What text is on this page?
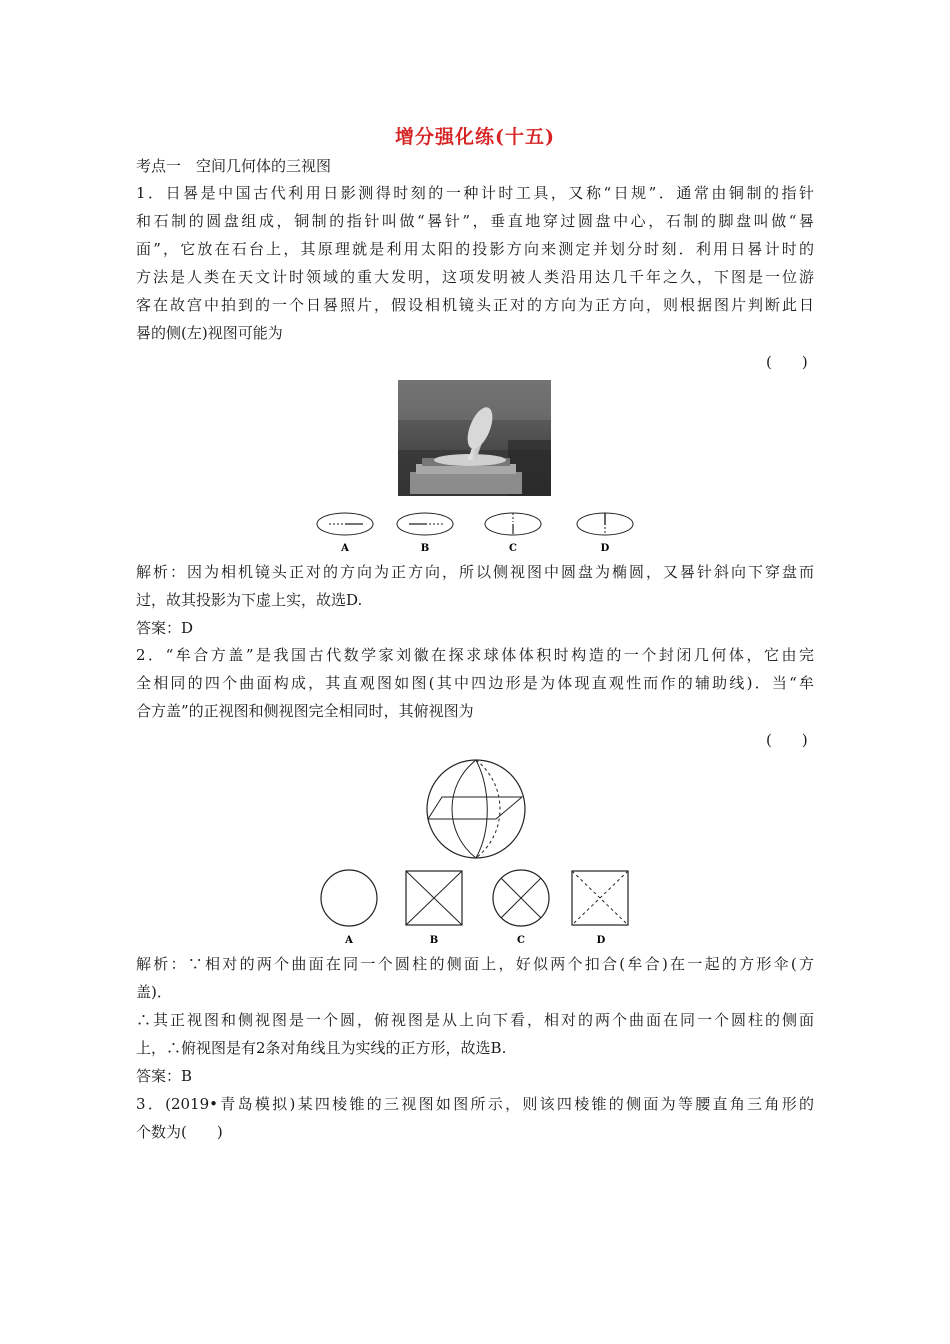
增分强化练(十五)
考点一　空间几何体的三视图
1．日晷是中国古代利用日影测得时刻的一种计时工具，又称“日规”．通常由铜制的指针
和石制的圆盘组成，铜制的指针叫做“晷针”，垂直地穿过圆盘中心，石制的脚盘叫做“晷
面”，它放在石台上，其原理就是利用太阳的投影方向来测定并划分时刻．利用日晷计时的
方法是人类在天文计时领域的重大发明，这项发明被人类沿用达几千年之久，下图是一位游
客在故宫中拍到的一个日晷照片，假设相机镜头正对的方向为正方向，则根据图片判断此日
晷的侧(左)视图可能为
(　　)
A	B	C	D
解析：因为相机镜头正对的方向为正方向，所以侧视图中圆盘为椭圆，又晷针斜向下穿盘而
过，故其投影为下虚上实，故选D.
答案：D
2．“牟合方盖”是我国古代数学家刘徽在探求球体体积时构造的一个封闭几何体，它由完
全相同的四个曲面构成，其直观图如图(其中四边形是为体现直观性而作的辅助线)．当“牟
合方盖”的正视图和侧视图完全相同时，其俯视图为
(　　)
A	B	C	D
解析：∵相对的两个曲面在同一个圆柱的侧面上，好似两个扣合(牟合)在一起的方形伞(方
盖)．
∴其正视图和侧视图是一个圆，俯视图是从上向下看，相对的两个曲面在同一个圆柱的侧面
上，∴俯视图是有2条对角线且为实线的正方形，故选B.
答案：B
3．(2019•青岛模拟)某四棱锥的三视图如图所示，则该四棱锥的侧面为等腰直角三角形的
个数为(　　)
